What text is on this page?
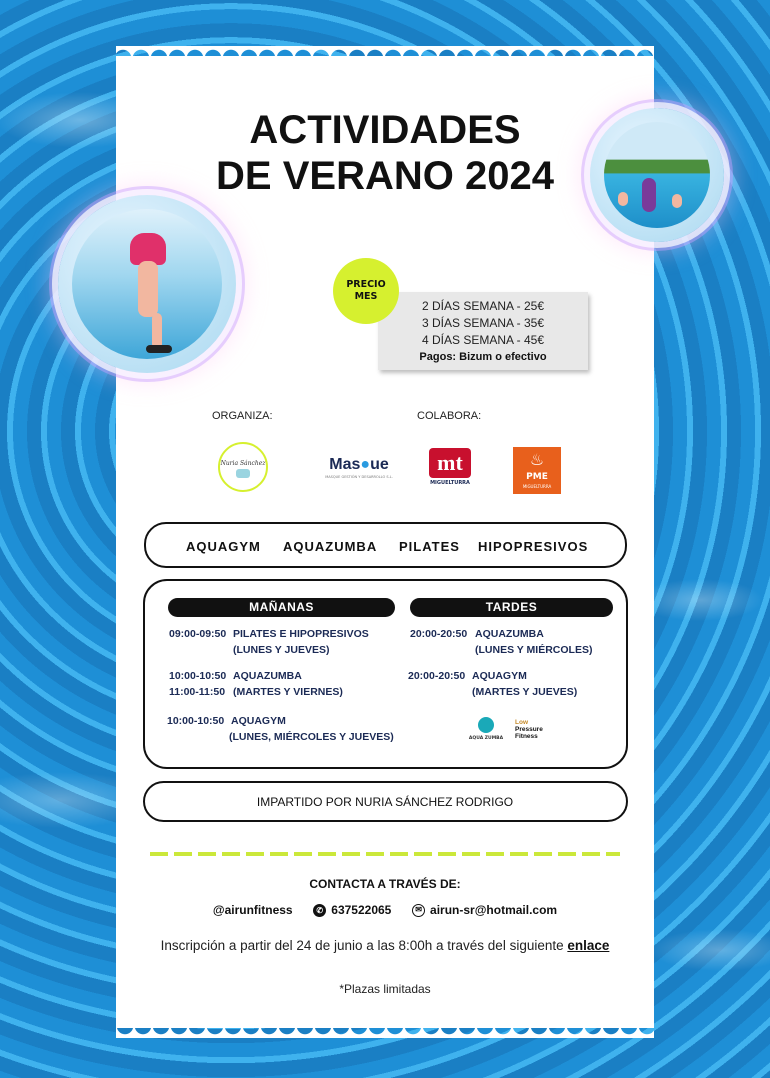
ACTIVIDADES
DE VERANO 2024
2 DÍAS SEMANA - 25€
3 DÍAS SEMANA - 35€
4 DÍAS SEMANA - 45€
Pagos: Bizum o efectivo
PRECIO
MES
ORGANIZA:	COLABORA:
Nuria Sánchez	Mas●ue
MASQUE GESTIÓN Y DESARROLLO S.L.
mt
MIGUELTURRA
♨
PME
MIGUELTURRA
AQUAGYM AQUAZUMBA PILATES HIPOPRESIVOS
MAÑANAS	TARDES
09:00-09:50 PILATES E HIPOPRESIVOS
(LUNES Y JUEVES)
10:00-10:50 AQUAZUMBA
11:00-11:50 (MARTES Y VIERNES)
10:00-10:50 AQUAGYM
(LUNES, MIÉRCOLES Y JUEVES)
20:00-20:50 AQUAZUMBA
(LUNES Y MIÉRCOLES)
20:00-20:50 AQUAGYM
(MARTES Y JUEVES)
AQUA ZUMBA
Low
Pressure
Fitness
IMPARTIDO POR NURIA SÁNCHEZ RODRIGO
CONTACTA A TRAVÉS DE:
@airunfitness	✆ 637522065	✉ airun-sr@hotmail.com
Inscripción a partir del 24 de junio a las 8:00h a través del siguiente enlace
*Plazas limitadas
